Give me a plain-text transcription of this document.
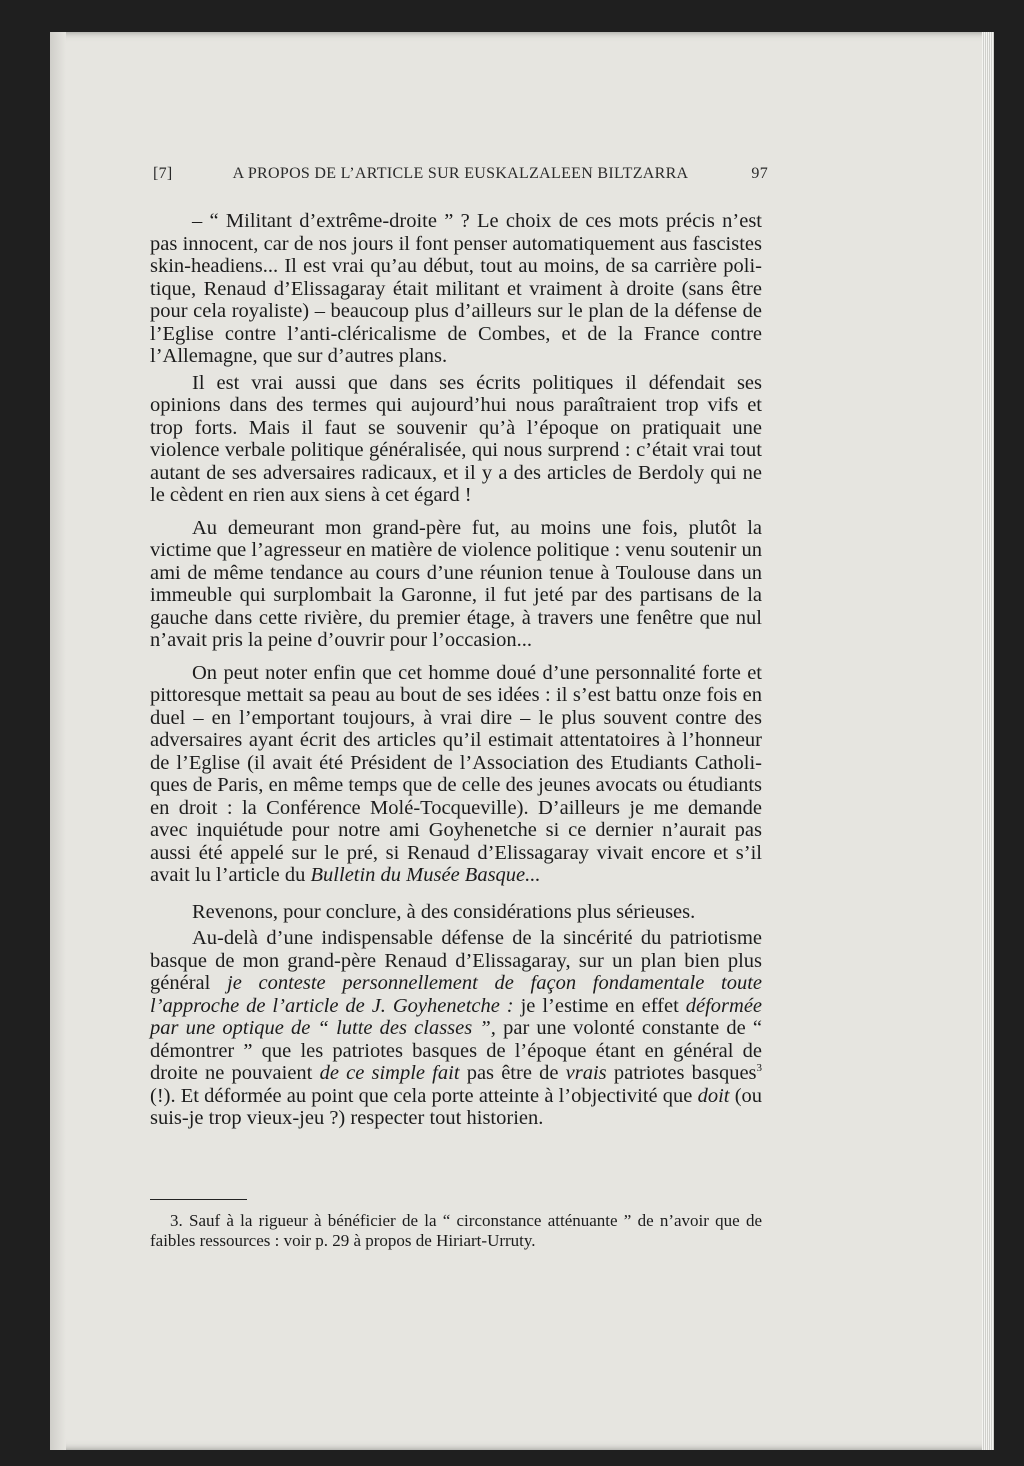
[7]	A PROPOS DE L’ARTICLE SUR EUSKALZALEEN BILTZARRA	97

– “ Militant d’extrême-droite ” ? Le choix de ces mots précis n’est pas innocent, car de nos jours il font penser automatiquement aus fascistes skin-headiens... Il est vrai qu’au début, tout au moins, de sa carrière politique, Renaud d’Elissagaray était militant et vraiment à droite (sans être pour cela royaliste) – beaucoup plus d’ailleurs sur le plan de la défense de l’Eglise contre l’anti-cléricalisme de Combes, et de la France contre l’Allemagne, que sur d’autres plans.

Il est vrai aussi que dans ses écrits politiques il défendait ses opinions dans des termes qui aujourd’hui nous paraîtraient trop vifs et trop forts. Mais il faut se souvenir qu’à l’époque on pratiquait une violence verbale politique généralisée, qui nous surprend : c’était vrai tout autant de ses adversaires radicaux, et il y a des articles de Berdoly qui ne le cèdent en rien aux siens à cet égard !

Au demeurant mon grand-père fut, au moins une fois, plutôt la victime que l’agresseur en matière de violence politique : venu soutenir un ami de même tendance au cours d’une réunion tenue à Toulouse dans un immeuble qui surplombait la Garonne, il fut jeté par des partisans de la gauche dans cette rivière, du premier étage, à travers une fenêtre que nul n’avait pris la peine d’ouvrir pour l’occasion...

On peut noter enfin que cet homme doué d’une personnalité forte et pittoresque mettait sa peau au bout de ses idées : il s’est battu onze fois en duel – en l’emportant toujours, à vrai dire – le plus souvent contre des adversaires ayant écrit des articles qu’il estimait attentatoires à l’honneur de l’Eglise (il avait été Président de l’Association des Etudiants Catholiques de Paris, en même temps que de celle des jeunes avocats ou étudiants en droit : la Conférence Molé-Tocqueville). D’ailleurs je me demande avec inquiétude pour notre ami Goyhenetche si ce dernier n’aurait pas aussi été appelé sur le pré, si Renaud d’Elissagaray vivait encore et s’il avait lu l’article du Bulletin du Musée Basque...

Revenons, pour conclure, à des considérations plus sérieuses.

Au-delà d’une indispensable défense de la sincérité du patriotisme basque de mon grand-père Renaud d’Elissagaray, sur un plan bien plus général je conteste personnellement de façon fondamentale toute l’approche de l’article de J. Goyhenetche : je l’estime en effet déformée par une optique de “ lutte des classes ”, par une volonté constante de “ démontrer ” que les patriotes basques de l’époque étant en général de droite ne pouvaient de ce simple fait pas être de vrais patriotes basques$^3$ (!). Et déformée au point que cela porte atteinte à l’objectivité que doit (ou suis-je trop vieux-jeu ?) respecter tout historien.

3. Sauf à la rigueur à bénéficier de la “ circonstance atténuante ” de n’avoir que de faibles ressources : voir p. 29 à propos de Hiriart-Urruty.
